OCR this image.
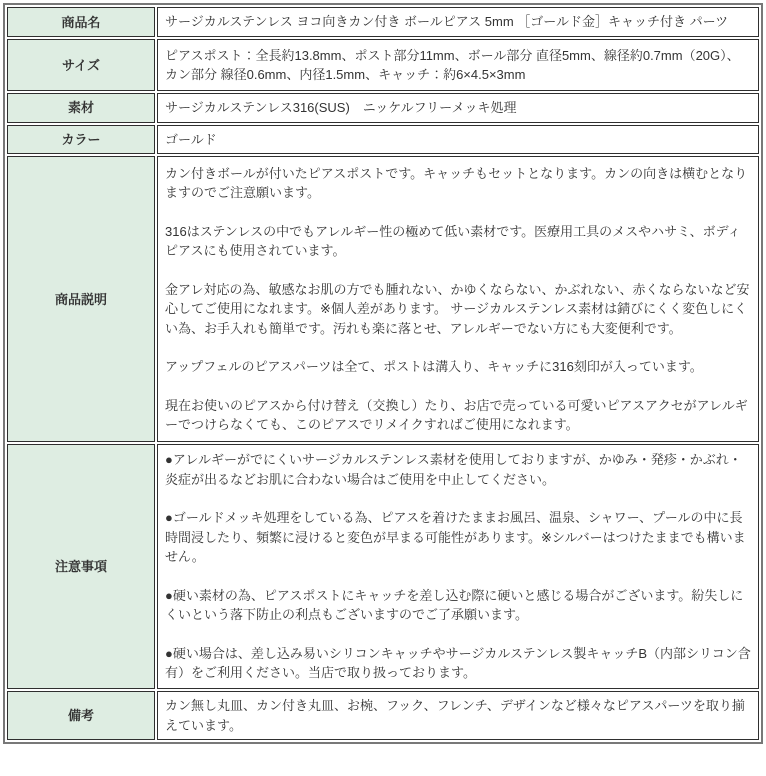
商品名	サージカルステンレス ヨコ向きカン付き ボールピアス 5mm ［ゴールド金］キャッチ付き パーツ

サイズ	ピアスポスト：全長約13.8mm、ポスト部分11mm、ボール部分 直径5mm、線径約0.7mm（20G）、カン部分 線径0.6mm、内径1.5mm、キャッチ：約6×4.5×3mm

素材	サージカルステンレス316(SUS)　ニッケルフリーメッキ処理

カラー	ゴールド

商品説明	カン付きボールが付いたピアスポストです。キャッチもセットとなります。カンの向きは横むとなりますのでご注意願います。
316はステンレスの中でもアレルギー性の極めて低い素材です。医療用工具のメスやハサミ、ボディピアスにも使用されています。
金アレ対応の為、敏感なお肌の方でも腫れない、かゆくならない、かぶれない、赤くならないなど安心してご使用になれます。※個人差があります。 サージカルステンレス素材は錆びにくく変色しにくい為、お手入れも簡単です。汚れも楽に落とせ、アレルギーでない方にも大変便利です。
アップフェルのピアスパーツは全て、ポストは溝入り、キャッチに316刻印が入っています。
現在お使いのピアスから付け替え（交換し）たり、お店で売っている可愛いピアスアクセがアレルギーでつけらなくても、このピアスでリメイクすればご使用になれます。

注意事項	●アレルギーがでにくいサージカルステンレス素材を使用しておりますが、かゆみ・発疹・かぶれ・炎症が出るなどお肌に合わない場合はご使用を中止してください。
●ゴールドメッキ処理をしている為、ピアスを着けたままお風呂、温泉、シャワー、プールの中に長時間浸したり、頻繁に浸けると変色が早まる可能性があります。※シルバーはつけたままでも構いません。
●硬い素材の為、ピアスポストにキャッチを差し込む際に硬いと感じる場合がございます。紛失しにくいという落下防止の利点もございますのでご了承願います。
●硬い場合は、差し込み易いシリコンキャッチやサージカルステンレス製キャッチB（内部シリコン含有）をご利用ください。当店で取り扱っております。

備考	カン無し丸皿、カン付き丸皿、お椀、フック、フレンチ、デザインなど様々なピアスパーツを取り揃えています。
